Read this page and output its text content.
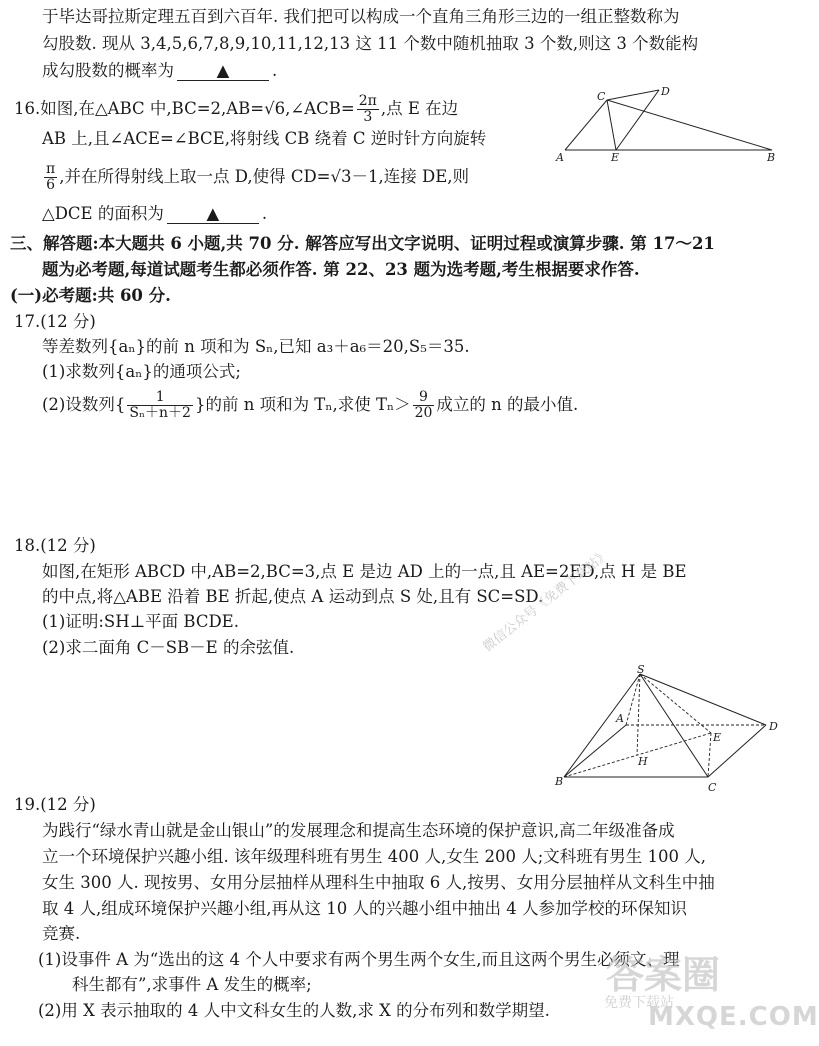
于毕达哥拉斯定理五百到六百年. 我们把可以构成一个直角三角形三边的一组正整数称为
勾股数. 现从 3,4,5,6,7,8,9,10,11,12,13 这 11 个数中随机抽取 3 个数,则这 3 个数能构
成勾股数的概率为	▲	.
16.如图,在△ABC 中,BC=2,AB=√6,∠ACB= $\frac{2\pi}{3}$ ,点 E 在边
AB 上,且∠ACE=∠BCE,将射线 CB 绕着 C 逆时针方向旋转
$\frac{\pi}{6}$ ,并在所得射线上取一点 D,使得 CD=√3－1,连接 DE,则
△DCE 的面积为	▲	.
C	D
A	E	B
三、解答题:本大题共 6 小题,共 70 分. 解答应写出文字说明、证明过程或演算步骤. 第 17～21
题为必考题,每道试题考生都必须作答. 第 22、23 题为选考题,考生根据要求作答.
(一)必考题:共 60 分.
17.(12 分)
等差数列{aₙ}的前 n 项和为 Sₙ,已知 a₃＋a₆＝20,S₅＝35.
(1)求数列{aₙ}的通项公式;
(2)设数列{ $\frac{1}{\text{Sₙ＋n＋2}}$ }的前 n 项和为 Tₙ,求使 $T_n> \frac{9}{20}$ 成立的 n 的最小值.
18.(12 分)
如图,在矩形 ABCD 中,AB=2,BC=3,点 E 是边 AD 上的一点,且 AE=2ED,点 H 是 BE
的中点,将△ABE 沿着 BE 折起,使点 A 运动到点 S 处,且有 SC=SD.
(1)证明:SH⊥平面 BCDE.
(2)求二面角 C－SB－E 的余弦值.
S
A
E
D
H
B	C
微信公众号《免费下载站》
19.(12 分)
为践行“绿水青山就是金山银山”的发展理念和提高生态环境的保护意识,高二年级准备成
立一个环境保护兴趣小组. 该年级理科班有男生 400 人,女生 200 人;文科班有男生 100 人,
女生 300 人. 现按男、女用分层抽样从理科生中抽取 6 人,按男、女用分层抽样从文科生中抽
取 4 人,组成环境保护兴趣小组,再从这 10 人的兴趣小组中抽出 4 人参加学校的环保知识
竞赛.
(1)设事件 A 为“选出的这 4 个人中要求有两个男生两个女生,而且这两个男生必须文、理
科生都有”,求事件 A 发生的概率;
(2)用 X 表示抽取的 4 人中文科女生的人数,求 X 的分布列和数学期望.
答案圈
MXQE.COM
免费下载站
